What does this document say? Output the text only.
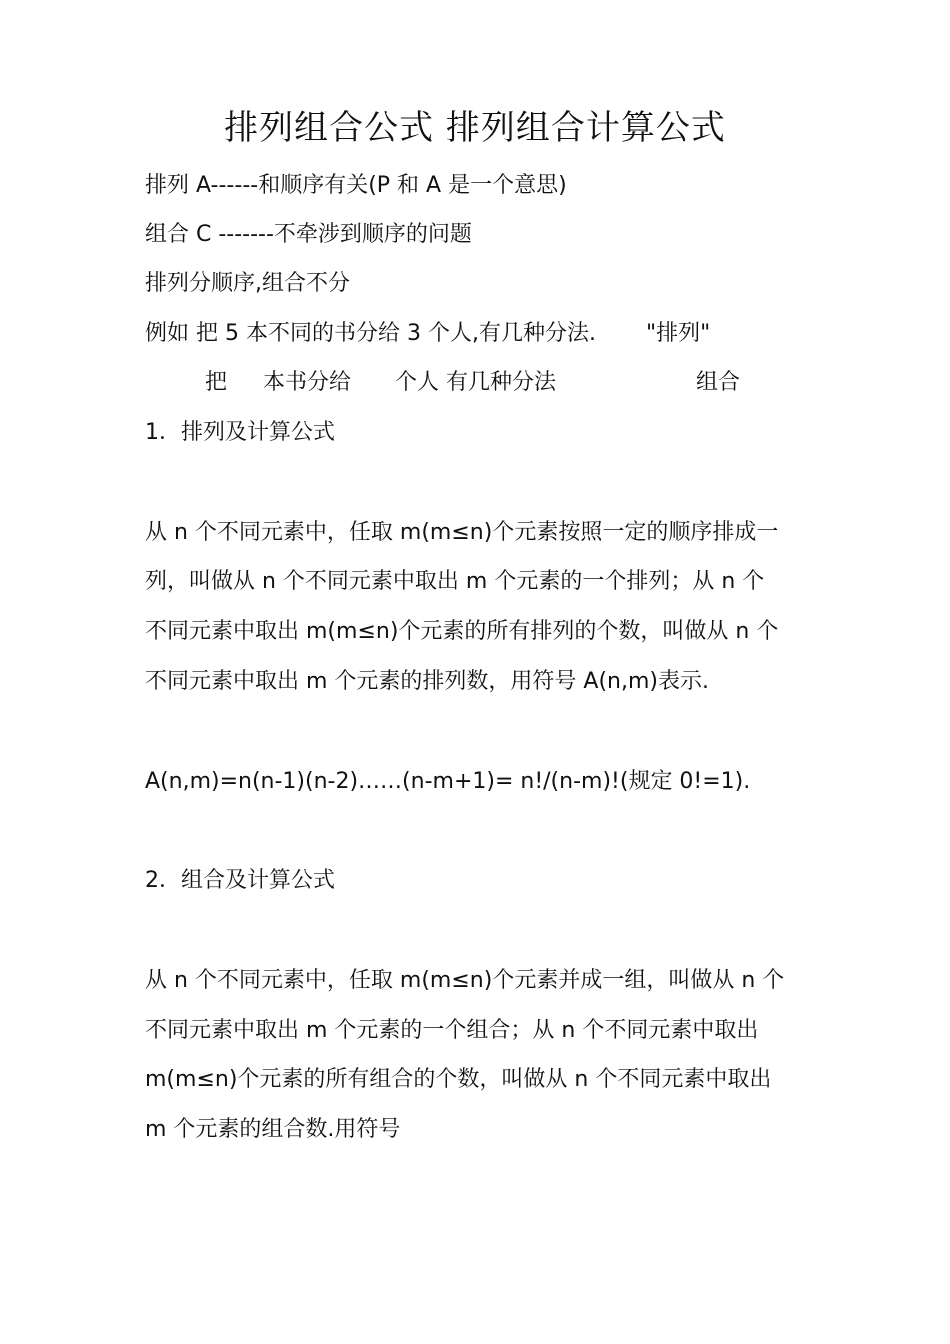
排列组合公式 排列组合计算公式
排列 A------和顺序有关(P 和 A 是一个意思)
组合 C -------不牵涉到顺序的问题
排列分顺序,组合不分
例如 把 5 本不同的书分给 3 个人,有几种分法. "排列"
把 本书分给 个人 有几种分法	组合
1．排列及计算公式
从 n 个不同元素中，任取 m(m≤n)个元素按照一定的顺序排成一
列，叫做从 n 个不同元素中取出 m 个元素的一个排列；从 n 个
不同元素中取出 m(m≤n)个元素的所有排列的个数，叫做从 n 个
不同元素中取出 m 个元素的排列数，用符号 A(n,m)表示.
A(n,m)=n(n-1)(n-2)……(n-m+1)= n!/(n-m)!(规定 0!=1).
2．组合及计算公式
从 n 个不同元素中，任取 m(m≤n)个元素并成一组，叫做从 n 个
不同元素中取出 m 个元素的一个组合；从 n 个不同元素中取出
m(m≤n)个元素的所有组合的个数，叫做从 n 个不同元素中取出
m 个元素的组合数.用符号
